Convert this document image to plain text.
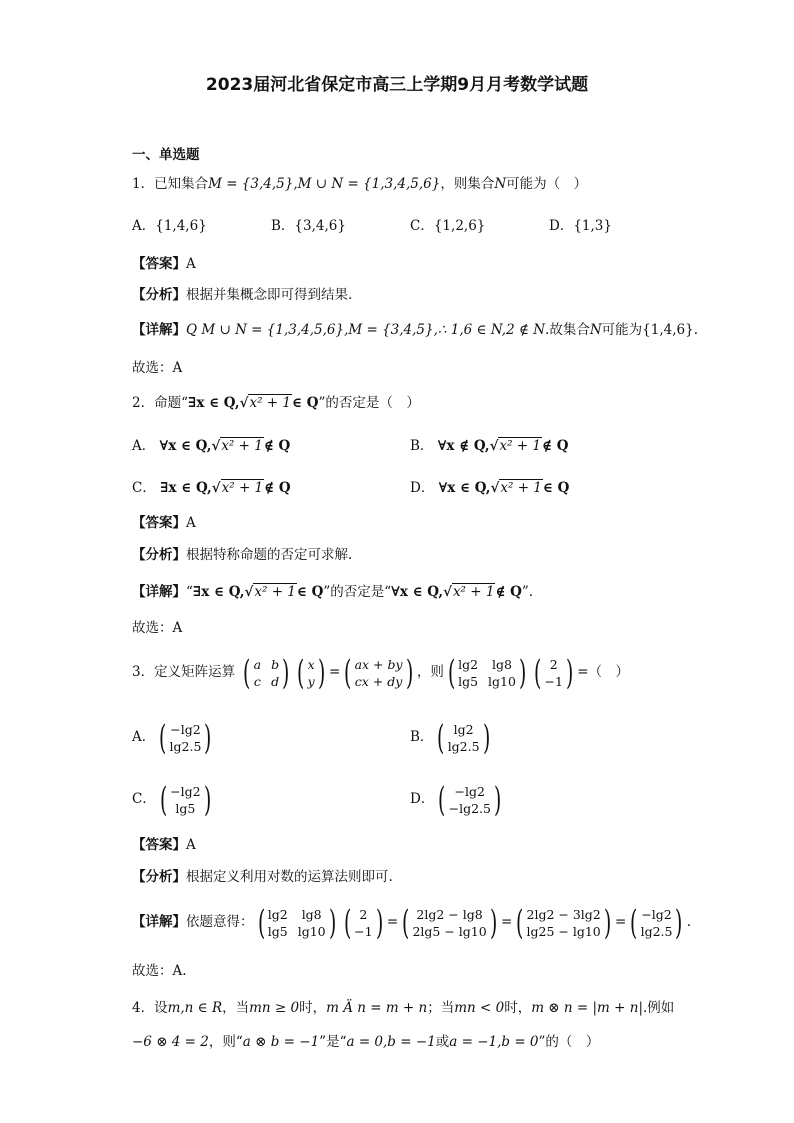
2023届河北省保定市高三上学期9月月考数学试题
一、单选题
1．已知集合M = {3,4,5},M ∪ N = {1,3,4,5,6}，则集合N可能为（　）
A．{1,4,6}	B．{3,4,6}	C．{1,2,6}	D．{1,3}
【答案】A
【分析】根据并集概念即可得到结果.
【详解】Q M ∪ N = {1,3,4,5,6},M = {3,4,5},∴ 1,6 ∈ N,2 ∉ N.故集合N可能为{1,4,6}.
故选：A
2．命题“∃x ∈ Q,√x² + 1∈ Q”的否定是（　）
A． ∀x ∈ Q,√x² + 1∉ Q	B． ∀x ∉ Q,√x² + 1∉ Q
C． ∃x ∈ Q,√x² + 1∉ Q	D． ∀x ∈ Q,√x² + 1∈ Q
【答案】A
【分析】根据特称命题的否定可求解.
【详解】“∃x ∈ Q,√x² + 1∈ Q”的否定是“∀x ∈ Q,√x² + 1∉ Q”.
故选：A
3．定义矩阵运算 ( a b
c d ) ( x
y ) = ( ax + by
cx + dy ) ，则 ( lg2	lg8
lg5 lg10 ) ( 2
−1 ) =（　）
A． ( −lg2
lg2.5 )	B． ( lg2
lg2.5 )
C． ( −lg2
lg5 )	D． ( −lg2
−lg2.5 )
【答案】A
【分析】根据定义利用对数的运算法则即可.
【详解】依题意得： ( lg2	lg8
lg5 lg10 ) ( 2
−1 ) = ( 2lg2 − lg8
2lg5 − lg10 ) = ( 2lg2 − 3lg2
lg25 − lg10 ) = ( −lg2
lg2.5 ) .
故选：A.
4．设m,n ∈ R，当mn ≥ 0时，m Ä n = m + n；当mn < 0时，m ⊗ n = |m + n|.例如
−6 ⊗ 4 = 2，则“a ⊗ b = −1”是“a = 0,b = −1或a = −1,b = 0”的（　）
